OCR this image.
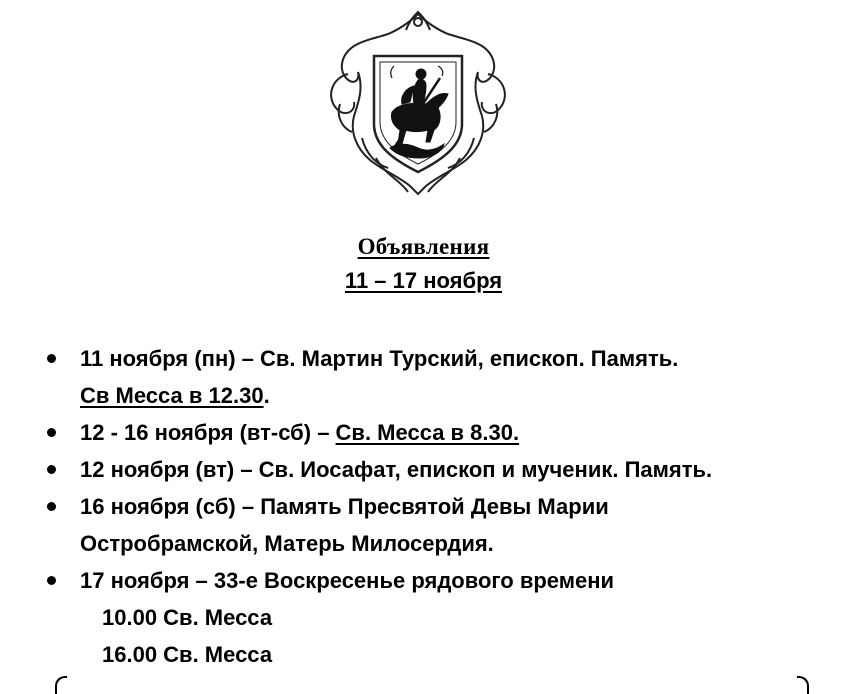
Объявления
11 – 17 ноября
11 ноября (пн) – Св. Мартин Турский, епископ. Память.
Св Месса в 12.30.
12 - 16 ноября (вт-сб) – Св. Месса в 8.30.
12 ноября (вт) – Св. Иосафат, епископ и мученик. Память.
16 ноября (сб) – Память Пресвятой Девы Марии
Остробрамской, Матерь Милосердия.
17 ноября – 33-е Воскресенье рядового времени
10.00 Св. Месса
16.00 Св. Месса
